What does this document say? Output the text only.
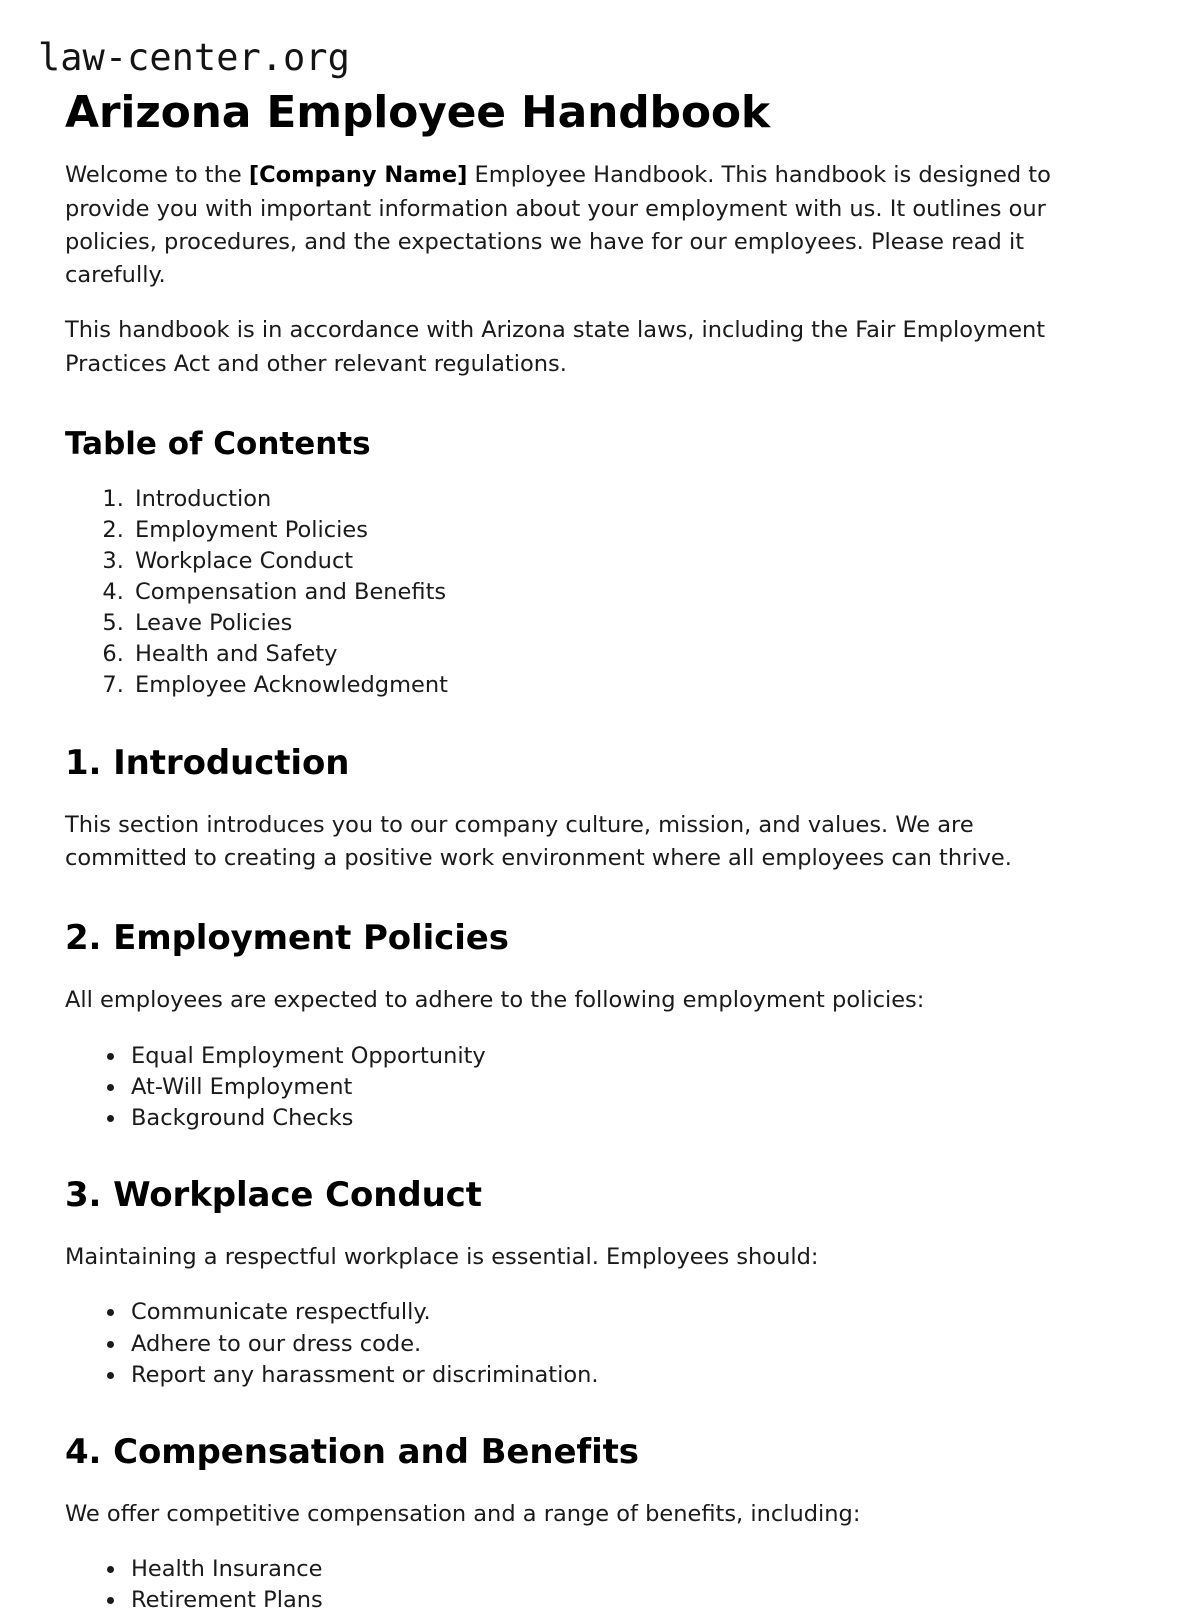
law-center.org
Arizona Employee Handbook

Welcome to the [Company Name] Employee Handbook. This handbook is designed to provide you with important information about your employment with us. It outlines our policies, procedures, and the expectations we have for our employees. Please read it carefully.

This handbook is in accordance with Arizona state laws, including the Fair Employment Practices Act and other relevant regulations.

Table of Contents
1. Introduction
2. Employment Policies
3. Workplace Conduct
4. Compensation and Benefits
5. Leave Policies
6. Health and Safety
7. Employee Acknowledgment
1. Introduction

This section introduces you to our company culture, mission, and values. We are committed to creating a positive work environment where all employees can thrive.

2. Employment Policies

All employees are expected to adhere to the following employment policies:

• Equal Employment Opportunity
• At-Will Employment
• Background Checks
3. Workplace Conduct

Maintaining a respectful workplace is essential. Employees should:

• Communicate respectfully.
• Adhere to our dress code.
• Report any harassment or discrimination.
4. Compensation and Benefits

We offer competitive compensation and a range of benefits, including:

• Health Insurance
• Retirement Plans
